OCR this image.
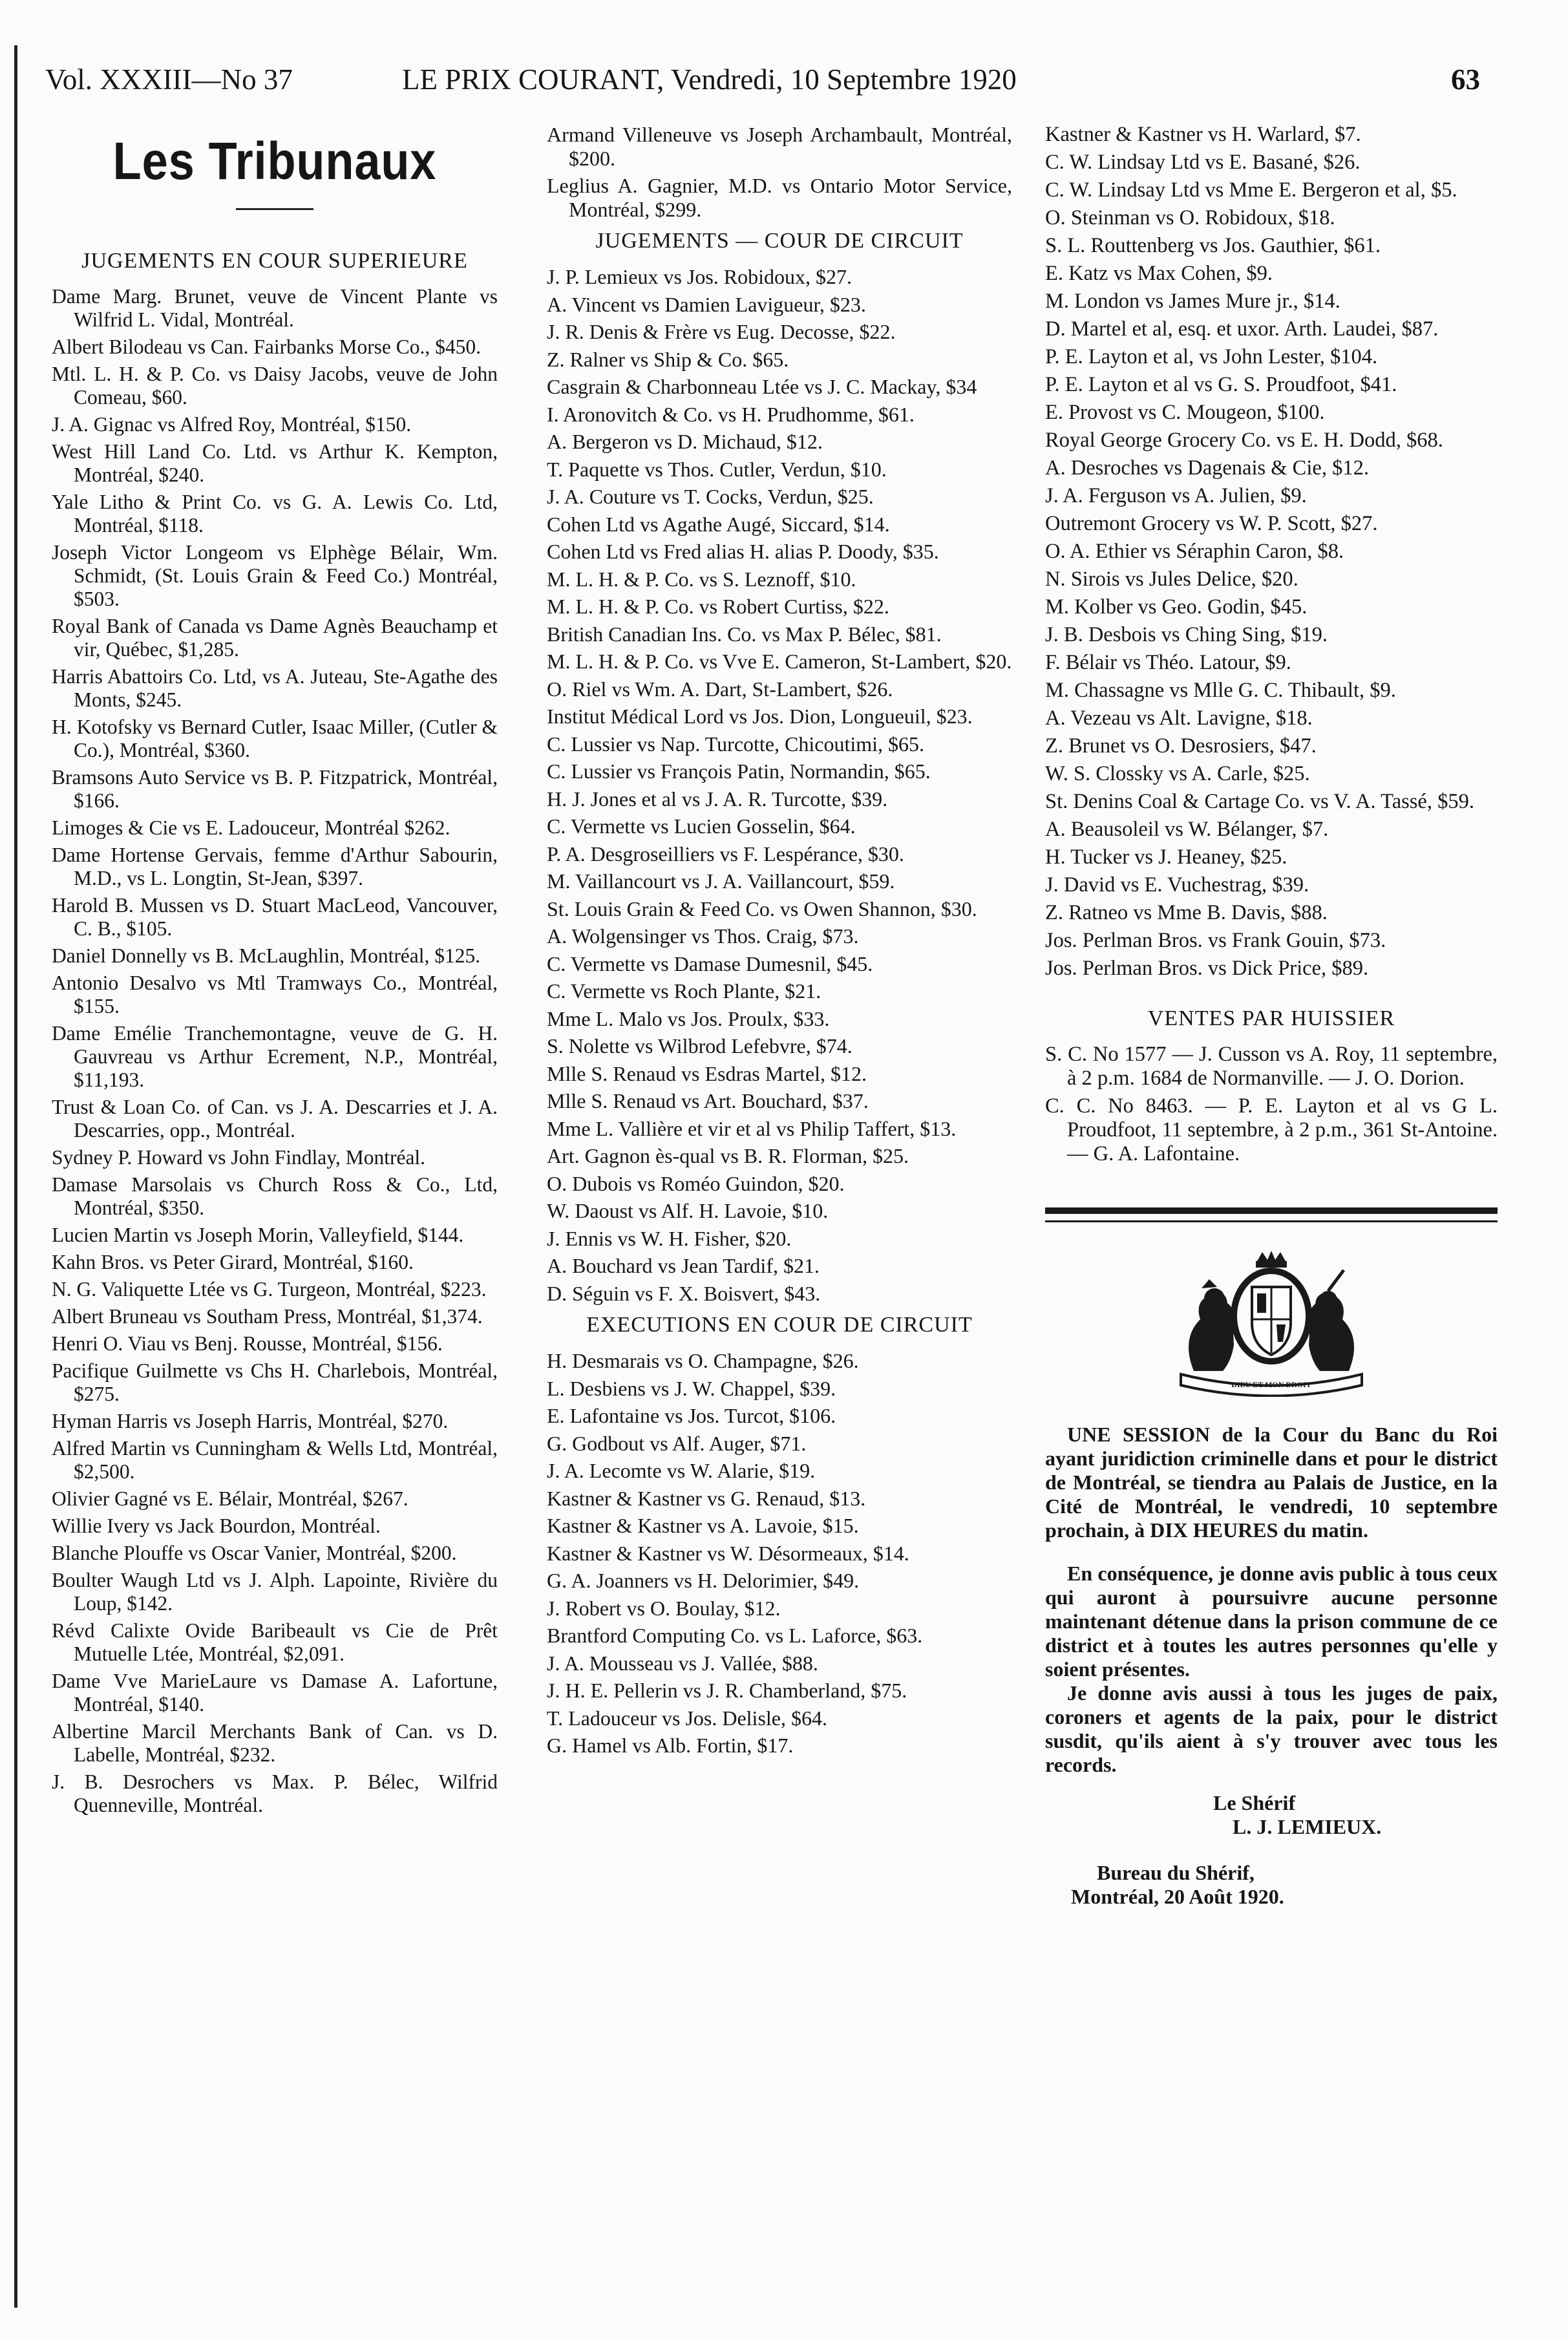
Vol. XXXIII—No 37	LE PRIX COURANT, Vendredi, 10 Septembre 1920	63
Les Tribunaux
JUGEMENTS EN COUR SUPERIEURE
Dame Marg. Brunet, veuve de Vincent Plante vs Wilfrid L. Vidal, Montréal.
Albert Bilodeau vs Can. Fairbanks Morse Co., $450.
Mtl. L. H. & P. Co. vs Daisy Jacobs, veuve de John Comeau, $60.
J. A. Gignac vs Alfred Roy, Montréal, $150.
West Hill Land Co. Ltd. vs Arthur K. Kempton, Montréal, $240.
Yale Litho & Print Co. vs G. A. Lewis Co. Ltd, Montréal, $118.
Joseph Victor Longeom vs Elphège Bélair, Wm. Schmidt, (St. Louis Grain & Feed Co.) Montréal, $503.
Royal Bank of Canada vs Dame Agnès Beauchamp et vir, Québec, $1,285.
Harris Abattoirs Co. Ltd, vs A. Juteau, Ste-Agathe des Monts, $245.
H. Kotofsky vs Bernard Cutler, Isaac Miller, (Cutler & Co.), Montréal, $360.
Bramsons Auto Service vs B. P. Fitzpatrick, Montréal, $166.
Limoges & Cie vs E. Ladouceur, Montréal $262.
Dame Hortense Gervais, femme d'Arthur Sabourin, M.D., vs L. Longtin, St-Jean, $397.
Harold B. Mussen vs D. Stuart MacLeod, Vancouver, C. B., $105.
Daniel Donnelly vs B. McLaughlin, Montréal, $125.
Antonio Desalvo vs Mtl Tramways Co., Montréal, $155.
Dame Emélie Tranchemontagne, veuve de G. H. Gauvreau vs Arthur Ecrement, N.P., Montréal, $11,193.
Trust & Loan Co. of Can. vs J. A. Descarries et J. A. Descarries, opp., Montréal.
Sydney P. Howard vs John Findlay, Montréal.
Damase Marsolais vs Church Ross & Co., Ltd, Montréal, $350.
Lucien Martin vs Joseph Morin, Valleyfield, $144.
Kahn Bros. vs Peter Girard, Montréal, $160.
N. G. Valiquette Ltée vs G. Turgeon, Montréal, $223.
Albert Bruneau vs Southam Press, Montréal, $1,374.
Henri O. Viau vs Benj. Rousse, Montréal, $156.
Pacifique Guilmette vs Chs H. Charlebois, Montréal, $275.
Hyman Harris vs Joseph Harris, Montréal, $270.
Alfred Martin vs Cunningham & Wells Ltd, Montréal, $2,500.
Olivier Gagné vs E. Bélair, Montréal, $267.
Willie Ivery vs Jack Bourdon, Montréal.
Blanche Plouffe vs Oscar Vanier, Montréal, $200.
Boulter Waugh Ltd vs J. Alph. Lapointe, Rivière du Loup, $142.
Révd Calixte Ovide Baribeault vs Cie de Prêt Mutuelle Ltée, Montréal, $2,091.
Dame Vve MarieLaure vs Damase A. Lafortune, Montréal, $140.
Albertine Marcil Merchants Bank of Can. vs D. Labelle, Montréal, $232.
J. B. Desrochers vs Max. P. Bélec, Wilfrid Quenneville, Montréal.
Armand Villeneuve vs Joseph Archambault, Montréal, $200.
Leglius A. Gagnier, M.D. vs Ontario Motor Service, Montréal, $299.
JUGEMENTS — COUR DE CIRCUIT
J. P. Lemieux vs Jos. Robidoux, $27.
A. Vincent vs Damien Lavigueur, $23.
J. R. Denis & Frère vs Eug. Decosse, $22.
Z. Ralner vs Ship & Co. $65.
Casgrain & Charbonneau Ltée vs J. C. Mackay, $34
I. Aronovitch & Co. vs H. Prudhomme, $61.
A. Bergeron vs D. Michaud, $12.
T. Paquette vs Thos. Cutler, Verdun, $10.
J. A. Couture vs T. Cocks, Verdun, $25.
Cohen Ltd vs Agathe Augé, Siccard, $14.
Cohen Ltd vs Fred alias H. alias P. Doody, $35.
M. L. H. & P. Co. vs S. Leznoff, $10.
M. L. H. & P. Co. vs Robert Curtiss, $22.
British Canadian Ins. Co. vs Max P. Bélec, $81.
M. L. H. & P. Co. vs Vve E. Cameron, St-Lambert, $20.
O. Riel vs Wm. A. Dart, St-Lambert, $26.
Institut Médical Lord vs Jos. Dion, Longueuil, $23.
C. Lussier vs Nap. Turcotte, Chicoutimi, $65.
C. Lussier vs François Patin, Normandin, $65.
H. J. Jones et al vs J. A. R. Turcotte, $39.
C. Vermette vs Lucien Gosselin, $64.
P. A. Desgroseilliers vs F. Lespérance, $30.
M. Vaillancourt vs J. A. Vaillancourt, $59.
St. Louis Grain & Feed Co. vs Owen Shannon, $30.
A. Wolgensinger vs Thos. Craig, $73.
C. Vermette vs Damase Dumesnil, $45.
C. Vermette vs Roch Plante, $21.
Mme L. Malo vs Jos. Proulx, $33.
S. Nolette vs Wilbrod Lefebvre, $74.
Mlle S. Renaud vs Esdras Martel, $12.
Mlle S. Renaud vs Art. Bouchard, $37.
Mme L. Vallière et vir et al vs Philip Taffert, $13.
Art. Gagnon ès-qual vs B. R. Florman, $25.
O. Dubois vs Roméo Guindon, $20.
W. Daoust vs Alf. H. Lavoie, $10.
J. Ennis vs W. H. Fisher, $20.
A. Bouchard vs Jean Tardif, $21.
D. Séguin vs F. X. Boisvert, $43.
EXECUTIONS EN COUR DE CIRCUIT
H. Desmarais vs O. Champagne, $26.
L. Desbiens vs J. W. Chappel, $39.
E. Lafontaine vs Jos. Turcot, $106.
G. Godbout vs Alf. Auger, $71.
J. A. Lecomte vs W. Alarie, $19.
Kastner & Kastner vs G. Renaud, $13.
Kastner & Kastner vs A. Lavoie, $15.
Kastner & Kastner vs W. Désormeaux, $14.
G. A. Joanners vs H. Delorimier, $49.
J. Robert vs O. Boulay, $12.
Brantford Computing Co. vs L. Laforce, $63.
J. A. Mousseau vs J. Vallée, $88.
J. H. E. Pellerin vs J. R. Chamberland, $75.
T. Ladouceur vs Jos. Delisle, $64.
G. Hamel vs Alb. Fortin, $17.
Kastner & Kastner vs H. Warlard, $7.
C. W. Lindsay Ltd vs E. Basané, $26.
C. W. Lindsay Ltd vs Mme E. Bergeron et al, $5.
O. Steinman vs O. Robidoux, $18.
S. L. Routtenberg vs Jos. Gauthier, $61.
E. Katz vs Max Cohen, $9.
M. London vs James Mure jr., $14.
D. Martel et al, esq. et uxor. Arth. Laudei, $87.
P. E. Layton et al, vs John Lester, $104.
P. E. Layton et al vs G. S. Proudfoot, $41.
E. Provost vs C. Mougeon, $100.
Royal George Grocery Co. vs E. H. Dodd, $68.
A. Desroches vs Dagenais & Cie, $12.
J. A. Ferguson vs A. Julien, $9.
Outremont Grocery vs W. P. Scott, $27.
O. A. Ethier vs Séraphin Caron, $8.
N. Sirois vs Jules Delice, $20.
M. Kolber vs Geo. Godin, $45.
J. B. Desbois vs Ching Sing, $19.
F. Bélair vs Théo. Latour, $9.
M. Chassagne vs Mlle G. C. Thibault, $9.
A. Vezeau vs Alt. Lavigne, $18.
Z. Brunet vs O. Desrosiers, $47.
W. S. Clossky vs A. Carle, $25.
St. Denins Coal & Cartage Co. vs V. A. Tassé, $59.
A. Beausoleil vs W. Bélanger, $7.
H. Tucker vs J. Heaney, $25.
J. David vs E. Vuchestrag, $39.
Z. Ratneo vs Mme B. Davis, $88.
Jos. Perlman Bros. vs Frank Gouin, $73.
Jos. Perlman Bros. vs Dick Price, $89.
VENTES PAR HUISSIER
S. C. No 1577 — J. Cusson vs A. Roy, 11 septembre, à 2 p.m. 1684 de Normanville. — J. O. Dorion.
C. C. No 8463. — P. E. Layton et al vs G L. Proudfoot, 11 septembre, à 2 p.m., 361 St-Antoine. — G. A. Lafontaine.
DIEU ET MON DROIT

UNE SESSION de la Cour du Banc du Roi ayant juridiction criminelle dans et pour le district de Montréal, se tiendra au Palais de Justice, en la Cité de Montréal, le vendredi, 10 septembre prochain, à DIX HEURES du matin.

En conséquence, je donne avis public à tous ceux qui auront à poursuivre aucune personne maintenant détenue dans la prison commune de ce district et à toutes les autres personnes qu'elle y soient présentes.

Je donne avis aussi à tous les juges de paix, coroners et agents de la paix, pour le district susdit, qu'ils aient à s'y trouver avec tous les records.

Le Shérif
L. J. LEMIEUX.
Bureau du Shérif,
Montréal, 20 Août 1920.
